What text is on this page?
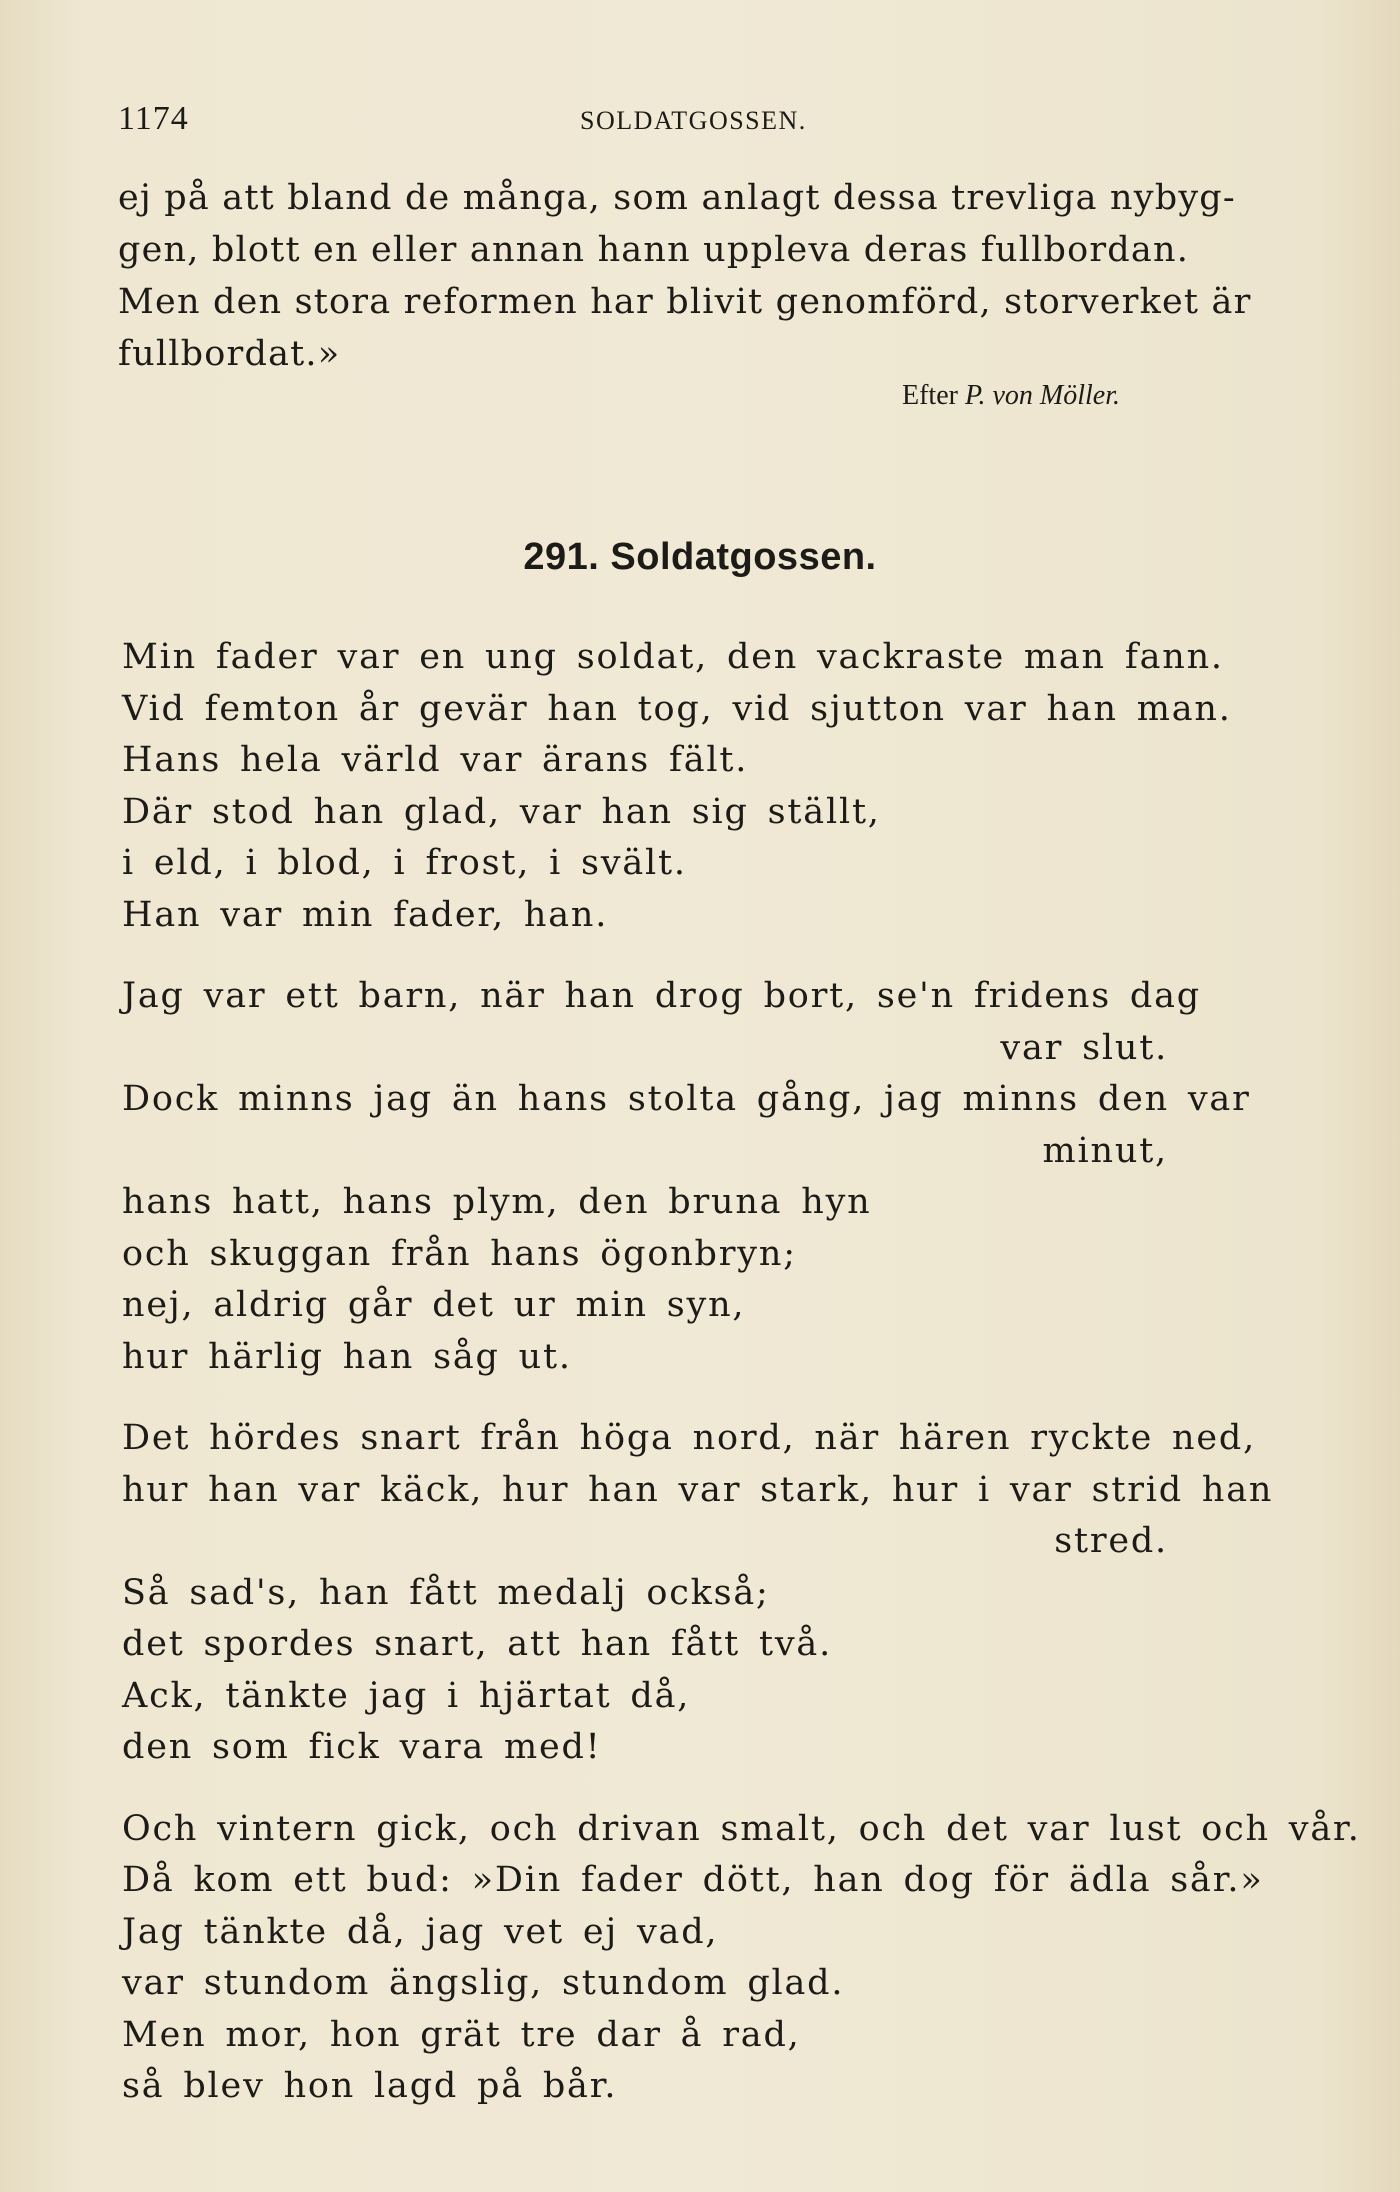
1174	SOLDATGOSSEN.
ej på att bland de många, som anlagt dessa trevliga nybyg-
gen, blott en eller annan hann uppleva deras fullbordan.
Men den stora reformen har blivit genomförd, storverket är
fullbordat.»
Efter P. von Möller.
291. Soldatgossen.
Min fader var en ung soldat, den vackraste man fann.
Vid femton år gevär han tog, vid sjutton var han man.
Hans hela värld var ärans fält.
Där stod han glad, var han sig ställt,
i eld, i blod, i frost, i svält.
Han var min fader, han.
Jag var ett barn, när han drog bort, se'n fridens dag
var slut.
Dock minns jag än hans stolta gång, jag minns den var
minut,
hans hatt, hans plym, den bruna hyn
och skuggan från hans ögonbryn;
nej, aldrig går det ur min syn,
hur härlig han såg ut.
Det hördes snart från höga nord, när hären ryckte ned,
hur han var käck, hur han var stark, hur i var strid han
stred.
Så sad's, han fått medalj också;
det spordes snart, att han fått två.
Ack, tänkte jag i hjärtat då,
den som fick vara med!
Och vintern gick, och drivan smalt, och det var lust och vår.
Då kom ett bud: »Din fader dött, han dog för ädla sår.»
Jag tänkte då, jag vet ej vad,
var stundom ängslig, stundom glad.
Men mor, hon grät tre dar å rad,
så blev hon lagd på bår.
